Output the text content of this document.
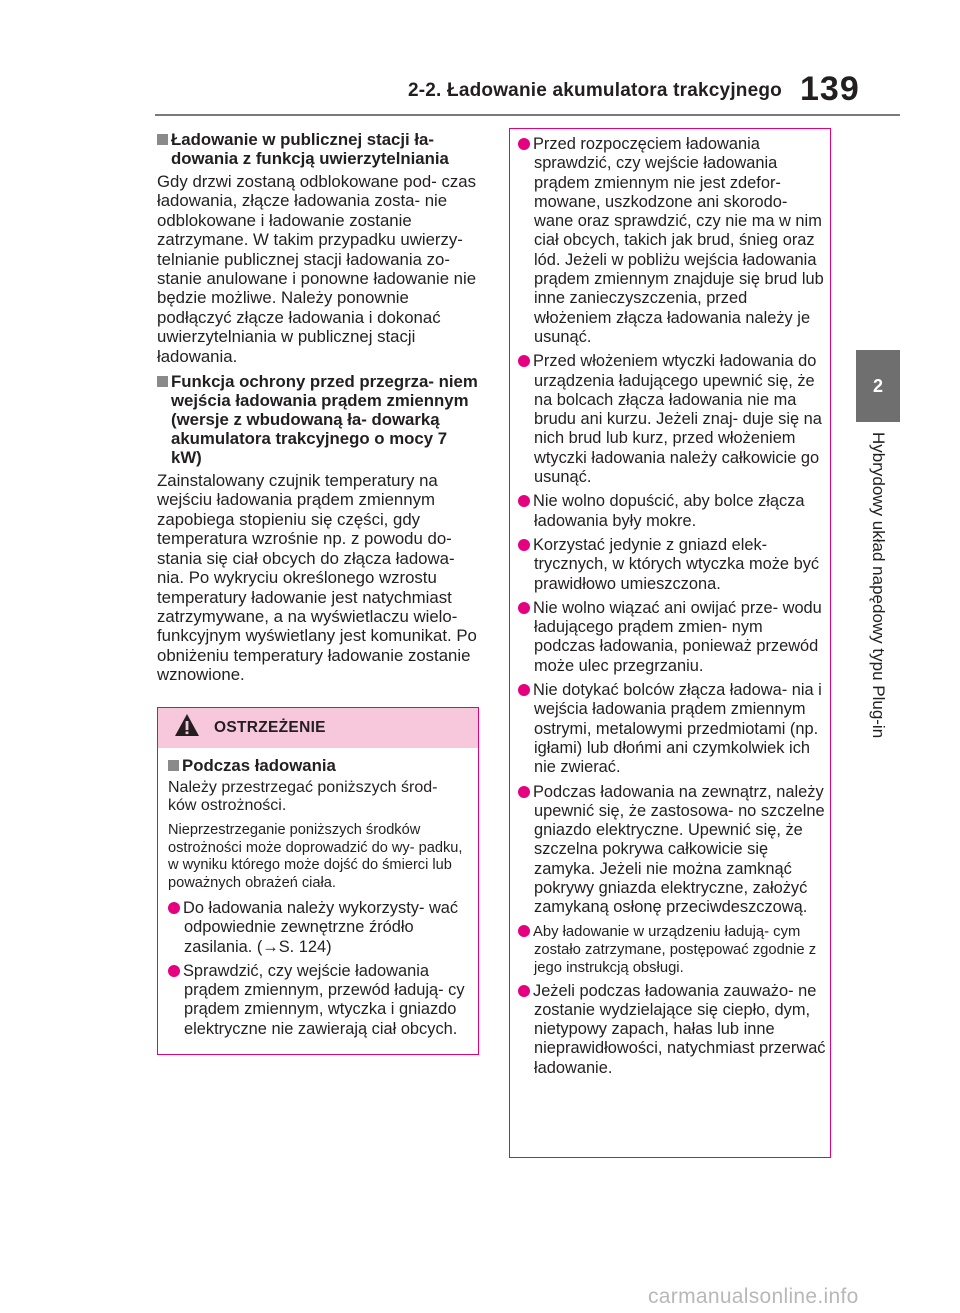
2-2. Ładowanie akumulatora trakcyjnego 139
2
Hybrydowy układ napędowy typu Plug-in

Ładowanie w publicznej stacji ła- dowania z funkcją uwierzytelniania

Gdy drzwi zostaną odblokowane pod- czas ładowania, złącze ładowania zosta- nie odblokowane i ładowanie zostanie zatrzymane. W takim przypadku uwierzy- telnianie publicznej stacji ładowania zo- stanie anulowane i ponowne ładowanie nie będzie możliwe. Należy ponownie podłączyć złącze ładowania i dokonać uwierzytelniania w publicznej stacji ładowania.

Funkcja ochrony przed przegrza- niem wejścia ładowania prądem zmiennym (wersje z wbudowaną ła- dowarką akumulatora trakcyjnego o mocy 7 kW)

Zainstalowany czujnik temperatury na wejściu ładowania prądem zmiennym zapobiega stopieniu się części, gdy temperatura wzrośnie np. z powodu do- stania się ciał obcych do złącza ładowa- nia. Po wykryciu określonego wzrostu temperatury ładowanie jest natychmiast zatrzymywane, a na wyświetlaczu wielo- funkcyjnym wyświetlany jest komunikat. Po obniżeniu temperatury ładowanie zostanie wznowione.

OSTRZEŻENIE

Podczas ładowania

Należy przestrzegać poniższych środ- ków ostrożności.

Nieprzestrzeganie poniższych środków ostrożności może doprowadzić do wy- padku, w wyniku którego może dojść do śmierci lub poważnych obrażeń ciała.

Do ładowania należy wykorzysty- wać odpowiednie zewnętrzne źródło zasilania. (→S. 124)

Sprawdzić, czy wejście ładowania prądem zmiennym, przewód ładują- cy prądem zmiennym, wtyczka i gniazdo elektryczne nie zawierają ciał obcych.

Przed rozpoczęciem ładowania sprawdzić, czy wejście ładowania prądem zmiennym nie jest zdefor- mowane, uszkodzone ani skorodo- wane oraz sprawdzić, czy nie ma w nim ciał obcych, takich jak brud, śnieg oraz lód. Jeżeli w pobliżu wejścia ładowania prądem zmiennym znajduje się brud lub inne zanieczyszczenia, przed włożeniem złącza ładowania należy je usunąć.

Przed włożeniem wtyczki ładowania do urządzenia ładującego upewnić się, że na bolcach złącza ładowania nie ma brudu ani kurzu. Jeżeli znaj- duje się na nich brud lub kurz, przed włożeniem wtyczki ładowania należy całkowicie go usunąć.

Nie wolno dopuścić, aby bolce złącza ładowania były mokre.

Korzystać jedynie z gniazd elek- trycznych, w których wtyczka może być prawidłowo umieszczona.

Nie wolno wiązać ani owijać prze- wodu ładującego prądem zmien- nym podczas ładowania, ponieważ przewód może ulec przegrzaniu.

Nie dotykać bolców złącza ładowa- nia i wejścia ładowania prądem zmiennym ostrymi, metalowymi przedmiotami (np. igłami) lub dłońmi ani czymkolwiek ich nie zwierać.

Podczas ładowania na zewnątrz, należy upewnić się, że zastosowa- no szczelne gniazdo elektryczne. Upewnić się, że szczelna pokrywa całkowicie się zamyka. Jeżeli nie można zamknąć pokrywy gniazda elektryczne, założyć zamykaną osłonę przeciwdeszczową.

Aby ładowanie w urządzeniu ładują- cym zostało zatrzymane, postępować zgodnie z jego instrukcją obsługi.

Jeżeli podczas ładowania zauważo- ne zostanie wydzielające się ciepło, dym, nietypowy zapach, hałas lub inne nieprawidłowości, natychmiast przerwać ładowanie.

carmanualsonline.info
